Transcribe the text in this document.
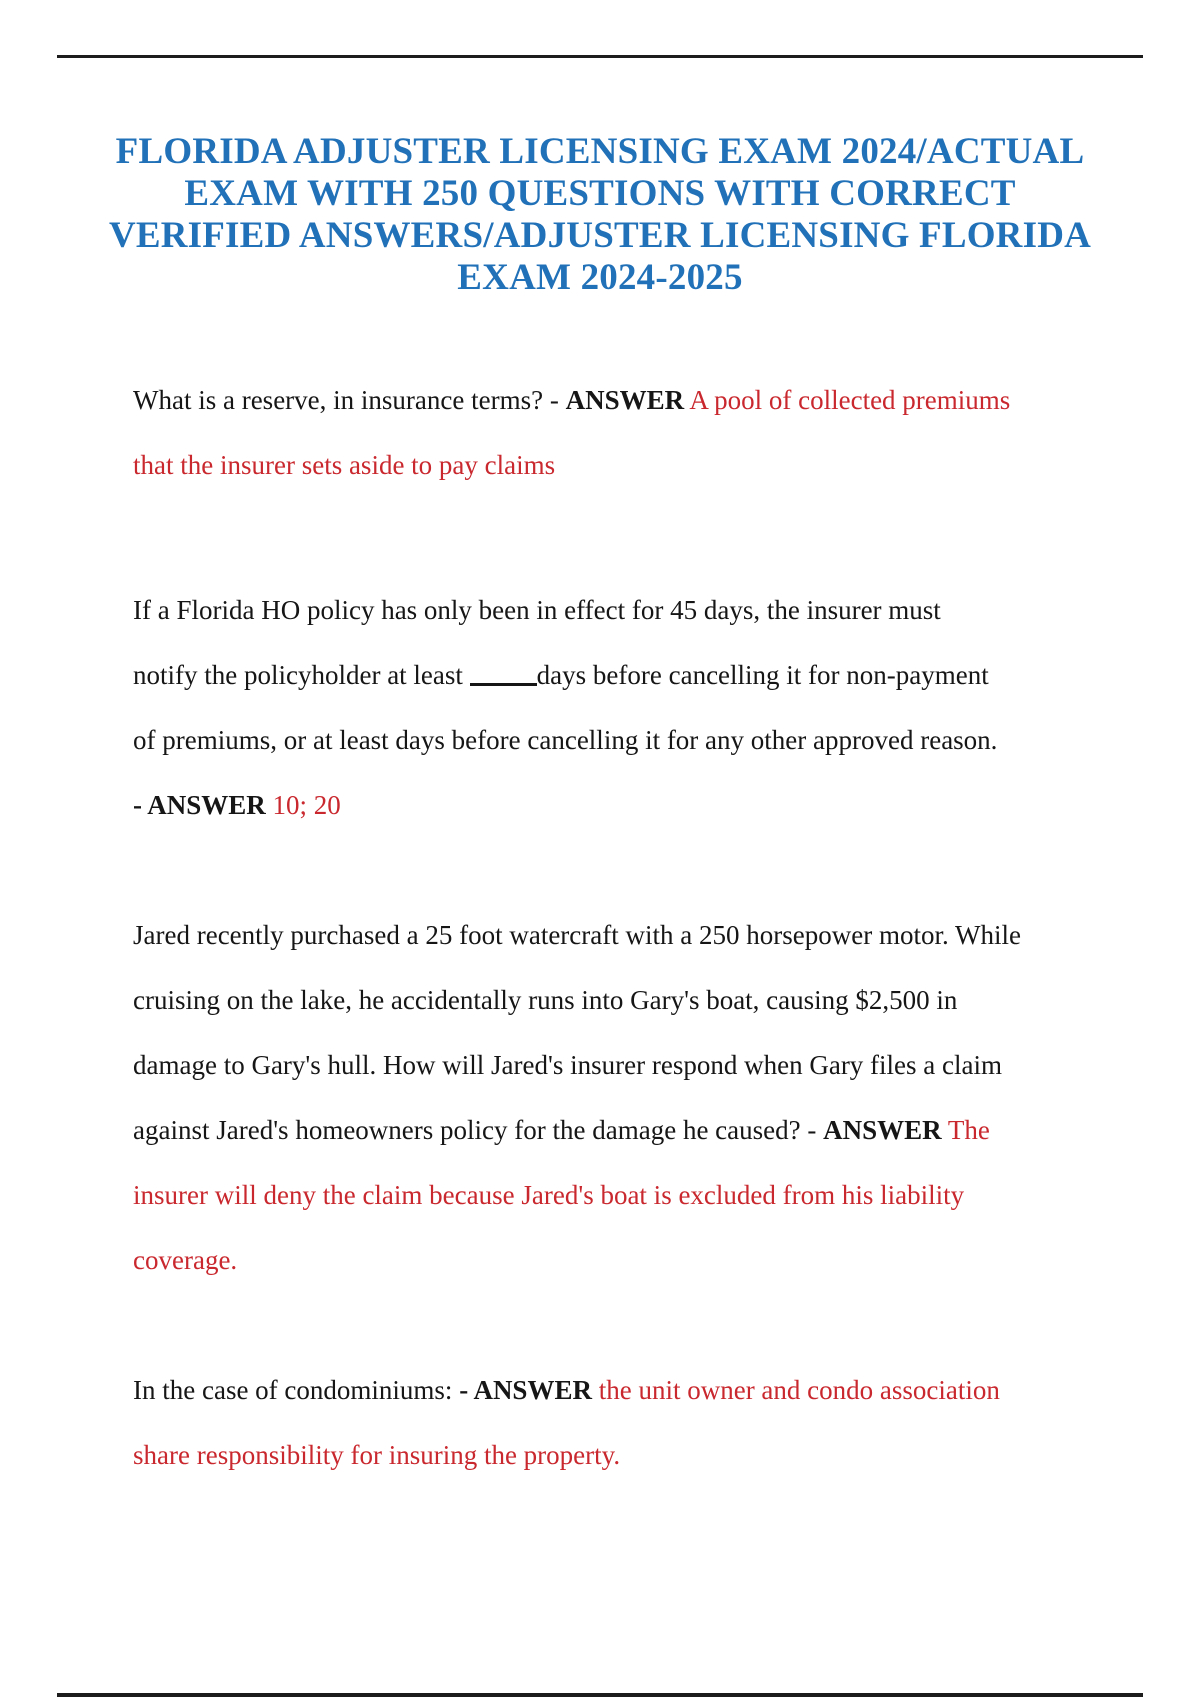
FLORIDA ADJUSTER LICENSING EXAM 2024/ACTUAL
EXAM WITH 250 QUESTIONS WITH CORRECT
VERIFIED ANSWERS/ADJUSTER LICENSING FLORIDA
EXAM 2024-2025
What is a reserve, in insurance terms? - ANSWER A pool of collected premiums
that the insurer sets aside to pay claims
If a Florida HO policy has only been in effect for 45 days, the insurer must
notify the policyholder at least days before cancelling it for non-payment
of premiums, or at least days before cancelling it for any other approved reason.
- ANSWER 10; 20
Jared recently purchased a 25 foot watercraft with a 250 horsepower motor. While
cruising on the lake, he accidentally runs into Gary's boat, causing $2,500 in
damage to Gary's hull. How will Jared's insurer respond when Gary files a claim
against Jared's homeowners policy for the damage he caused? - ANSWER The
insurer will deny the claim because Jared's boat is excluded from his liability
coverage.
In the case of condominiums: - ANSWER the unit owner and condo association
share responsibility for insuring the property.
